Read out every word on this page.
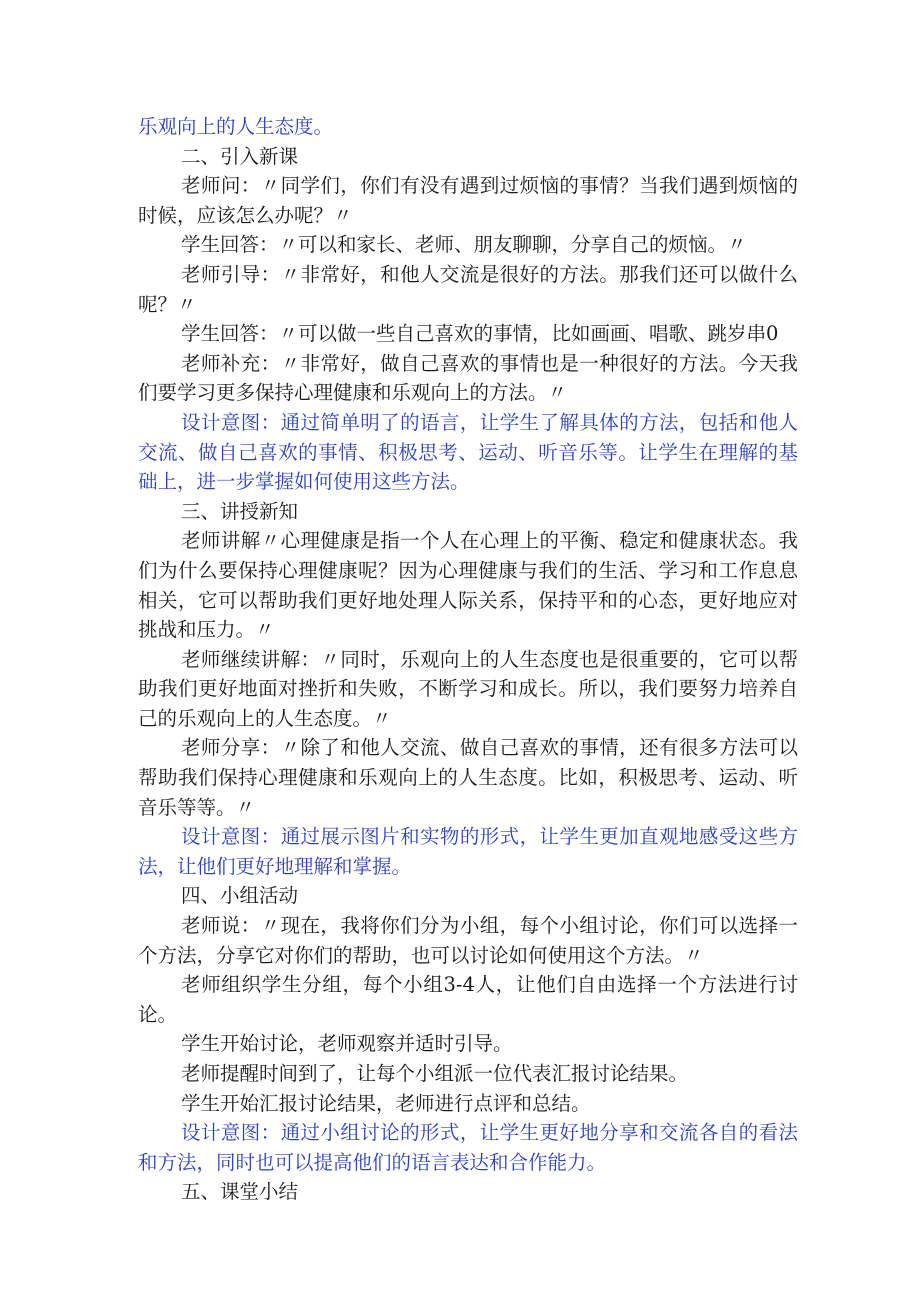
乐观向上的人生态度。

二、引入新课

老师问：〃同学们，你们有没有遇到过烦恼的事情？当我们遇到烦恼的时候，应该怎么办呢？〃

学生回答：〃可以和家长、老师、朋友聊聊，分享自己的烦恼。〃

老师引导：〃非常好，和他人交流是很好的方法。那我们还可以做什么呢？〃

学生回答：〃可以做一些自己喜欢的事情，比如画画、唱歌、跳岁串0

老师补充：〃非常好，做自己喜欢的事情也是一种很好的方法。今天我们要学习更多保持心理健康和乐观向上的方法。〃

设计意图：通过简单明了的语言，让学生了解具体的方法，包括和他人交流、做自己喜欢的事情、积极思考、运动、听音乐等。让学生在理解的基础上，进一步掌握如何使用这些方法。

三、讲授新知

老师讲解〃心理健康是指一个人在心理上的平衡、稳定和健康状态。我们为什么要保持心理健康呢？因为心理健康与我们的生活、学习和工作息息相关，它可以帮助我们更好地处理人际关系，保持平和的心态，更好地应对挑战和压力。〃

老师继续讲解：〃同时，乐观向上的人生态度也是很重要的，它可以帮助我们更好地面对挫折和失败，不断学习和成长。所以，我们要努力培养自己的乐观向上的人生态度。〃

老师分享：〃除了和他人交流、做自己喜欢的事情，还有很多方法可以帮助我们保持心理健康和乐观向上的人生态度。比如，积极思考、运动、听音乐等等。〃

设计意图：通过展示图片和实物的形式，让学生更加直观地感受这些方法，让他们更好地理解和掌握。

四、小组活动

老师说：〃现在，我将你们分为小组，每个小组讨论，你们可以选择一个方法，分享它对你们的帮助，也可以讨论如何使用这个方法。〃

老师组织学生分组，每个小组3-4人，让他们自由选择一个方法进行讨论。

学生开始讨论，老师观察并适时引导。

老师提醒时间到了，让每个小组派一位代表汇报讨论结果。

学生开始汇报讨论结果，老师进行点评和总结。

设计意图：通过小组讨论的形式，让学生更好地分享和交流各自的看法和方法，同时也可以提高他们的语言表达和合作能力。

五、课堂小结
